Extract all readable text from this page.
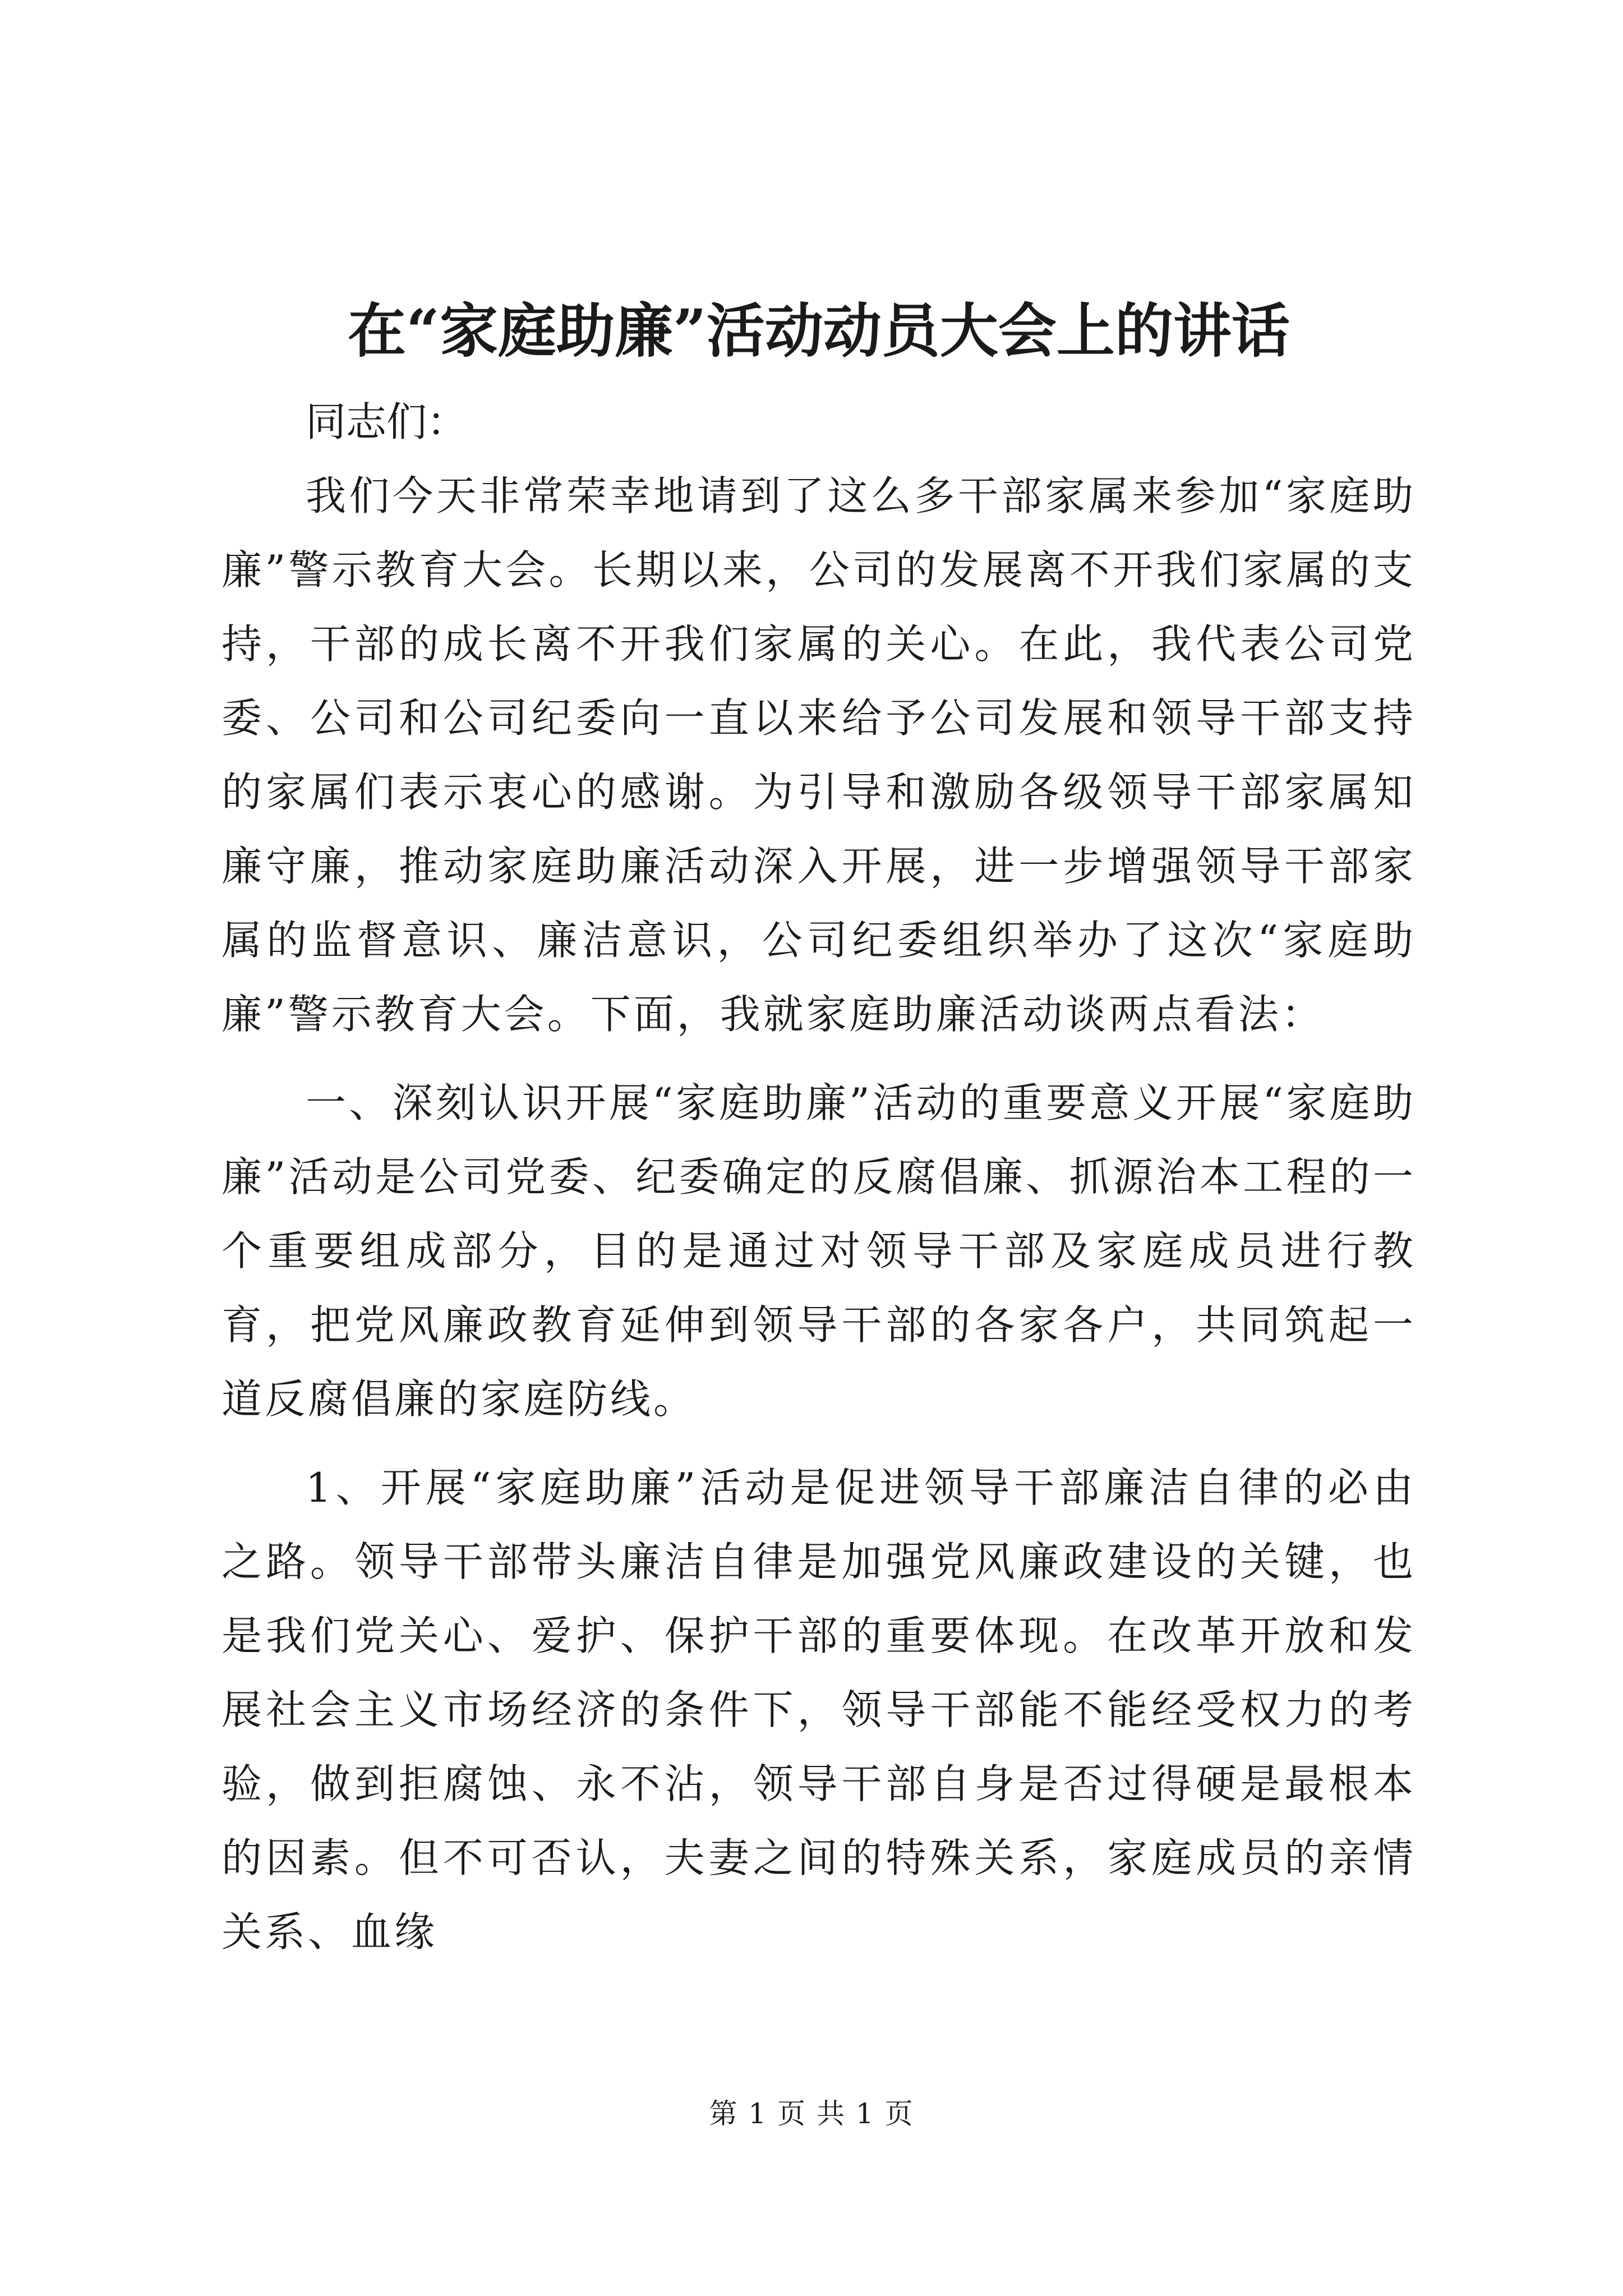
在“家庭助廉”活动动员大会上的讲话

同志们：

我们今天非常荣幸地请到了这么多干部家属来参加“家庭助廉”警示教育大会。长期以来，公司的发展离不开我们家属的支持，干部的成长离不开我们家属的关心。在此，我代表公司党委、公司和公司纪委向一直以来给予公司发展和领导干部支持的家属们表示衷心的感谢。为引导和激励各级领导干部家属知廉守廉，推动家庭助廉活动深入开展，进一步增强领导干部家属的监督意识、廉洁意识，公司纪委组织举办了这次“家庭助廉”警示教育大会。下面，我就家庭助廉活动谈两点看法：

一、深刻认识开展“家庭助廉”活动的重要意义开展“家庭助廉”活动是公司党委、纪委确定的反腐倡廉、抓源治本工程的一个重要组成部分，目的是通过对领导干部及家庭成员进行教育，把党风廉政教育延伸到领导干部的各家各户，共同筑起一道反腐倡廉的家庭防线。

1、开展“家庭助廉”活动是促进领导干部廉洁自律的必由之路。领导干部带头廉洁自律是加强党风廉政建设的关键，也是我们党关心、爱护、保护干部的重要体现。在改革开放和发展社会主义市场经济的条件下，领导干部能不能经受权力的考验，做到拒腐蚀、永不沾，领导干部自身是否过得硬是最根本的因素。但不可否认，夫妻之间的特殊关系，家庭成员的亲情关系、血缘

第 1 页 共 1 页
